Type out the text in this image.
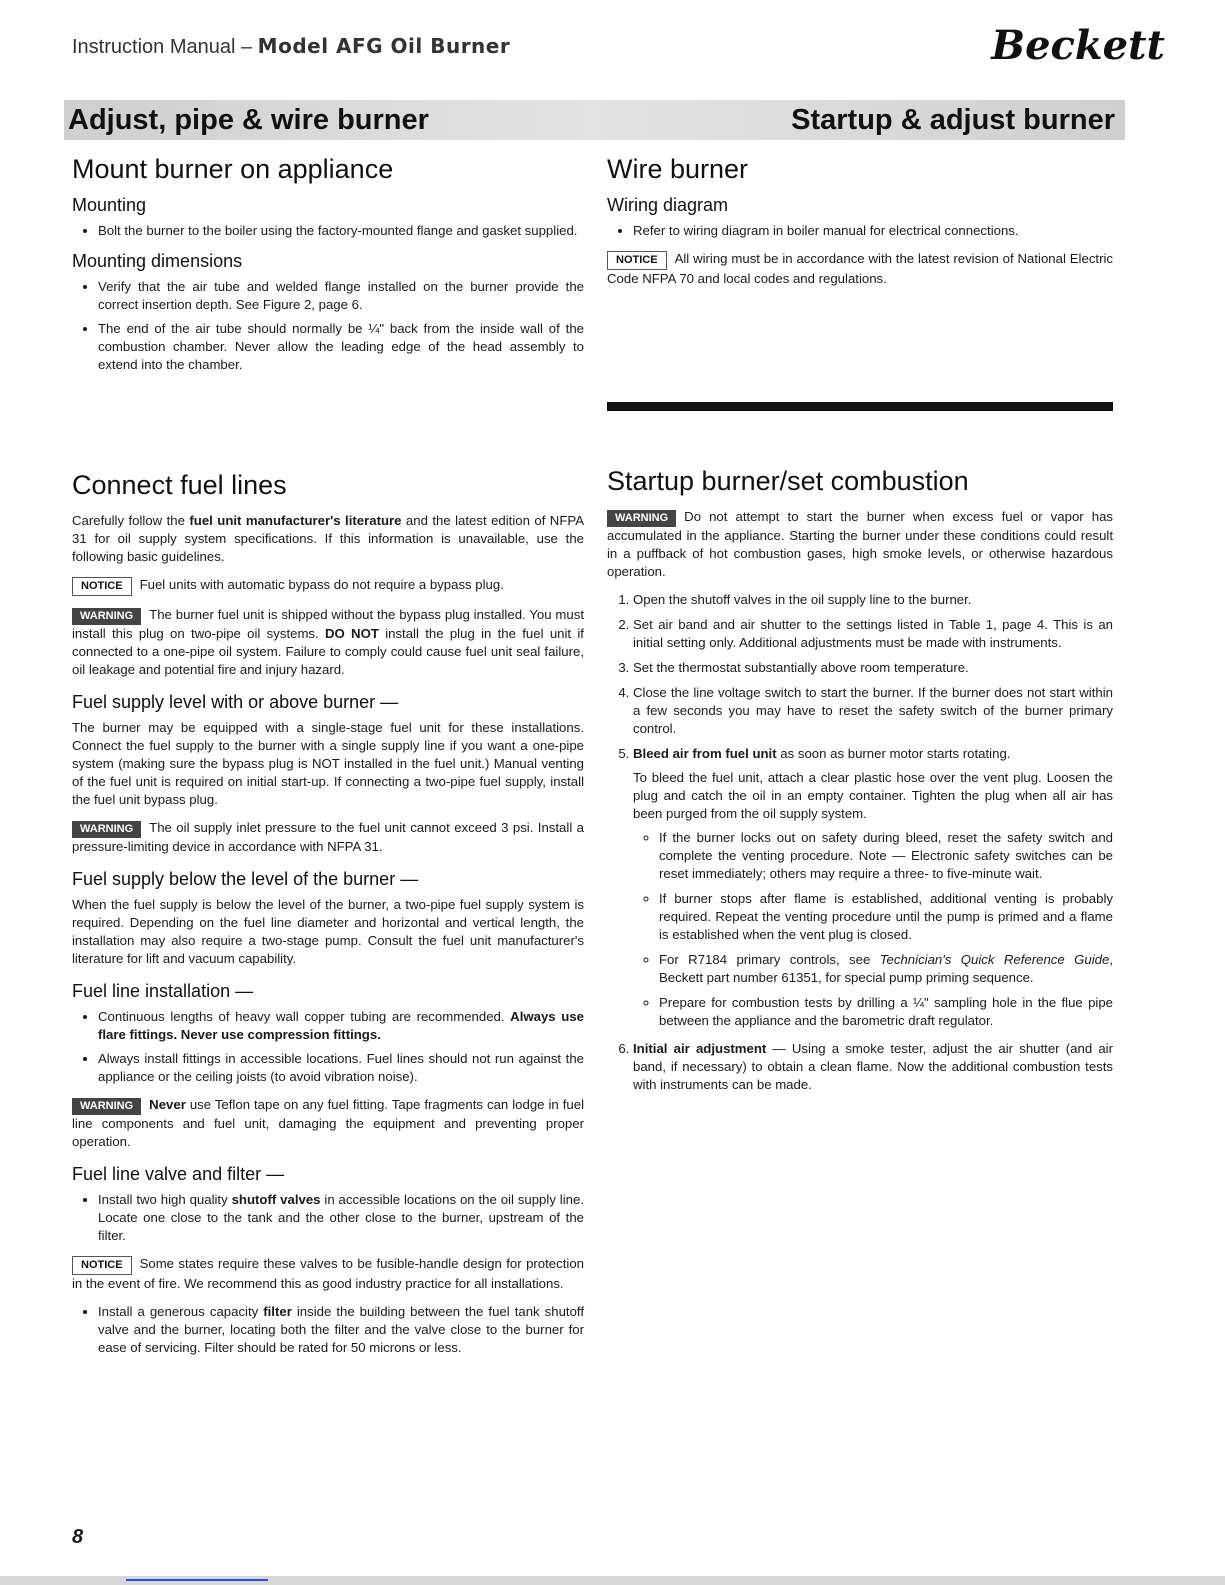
Instruction Manual – Model AFG Oil Burner	Beckett
Adjust, pipe & wire burner	Startup & adjust burner
Mount burner on appliance
Mounting
• Bolt the burner to the boiler using the factory-mounted flange and gasket supplied.
Mounting dimensions
• Verify that the air tube and welded flange installed on the burner provide the correct insertion depth. See Figure 2, page 6.
• The end of the air tube should normally be ¼" back from the inside wall of the combustion chamber. Never allow the leading edge of the head assembly to extend into the chamber.
Connect fuel lines

Carefully follow the fuel unit manufacturer's literature and the latest edition of NFPA 31 for oil supply system specifications. If this information is unavailable, use the following basic guidelines.

NOTICE Fuel units with automatic bypass do not require a bypass plug.

WARNING The burner fuel unit is shipped without the bypass plug installed. You must install this plug on two-pipe oil systems. DO NOT install the plug in the fuel unit if connected to a one-pipe oil system. Failure to comply could cause fuel unit seal failure, oil leakage and potential fire and injury hazard.

Fuel supply level with or above burner —

The burner may be equipped with a single-stage fuel unit for these installations. Connect the fuel supply to the burner with a single supply line if you want a one-pipe system (making sure the bypass plug is NOT installed in the fuel unit.) Manual venting of the fuel unit is required on initial start-up. If connecting a two-pipe fuel supply, install the fuel unit bypass plug.

WARNING The oil supply inlet pressure to the fuel unit cannot exceed 3 psi. Install a pressure-limiting device in accordance with NFPA 31.

Fuel supply below the level of the burner —

When the fuel supply is below the level of the burner, a two-pipe fuel supply system is required. Depending on the fuel line diameter and horizontal and vertical length, the installation may also require a two-stage pump. Consult the fuel unit manufacturer's literature for lift and vacuum capability.

Fuel line installation —
• Continuous lengths of heavy wall copper tubing are recommended. Always use flare fittings. Never use compression fittings.
• Always install fittings in accessible locations. Fuel lines should not run against the appliance or the ceiling joists (to avoid vibration noise).

WARNING Never use Teflon tape on any fuel fitting. Tape fragments can lodge in fuel line components and fuel unit, damaging the equipment and preventing proper operation.

Fuel line valve and filter —
• Install two high quality shutoff valves in accessible locations on the oil supply line. Locate one close to the tank and the other close to the burner, upstream of the filter.

NOTICE Some states require these valves to be fusible-handle design for protection in the event of fire. We recommend this as good industry practice for all installations.

• Install a generous capacity filter inside the building between the fuel tank shutoff valve and the burner, locating both the filter and the valve close to the burner for ease of servicing. Filter should be rated for 50 microns or less.
Wire burner
Wiring diagram
• Refer to wiring diagram in boiler manual for electrical connections.

NOTICE All wiring must be in accordance with the latest revision of National Electric Code NFPA 70 and local codes and regulations.

Startup burner/set combustion

WARNING Do not attempt to start the burner when excess fuel or vapor has accumulated in the appliance. Starting the burner under these conditions could result in a puffback of hot combustion gases, high smoke levels, or otherwise hazardous operation.

1. Open the shutoff valves in the oil supply line to the burner.
2. Set air band and air shutter to the settings listed in Table 1, page 4. This is an initial setting only. Additional adjustments must be made with instruments.
3. Set the thermostat substantially above room temperature.
4. Close the line voltage switch to start the burner. If the burner does not start within a few seconds you may have to reset the safety switch of the burner primary control.
5. Bleed air from fuel unit as soon as burner motor starts rotating.
To bleed the fuel unit, attach a clear plastic hose over the vent plug. Loosen the plug and catch the oil in an empty container. Tighten the plug when all air has been purged from the oil supply system.
◦ If the burner locks out on safety during bleed, reset the safety switch and complete the venting procedure. Note — Electronic safety switches can be reset immediately; others may require a three- to five-minute wait.
◦ If burner stops after flame is established, additional venting is probably required. Repeat the venting procedure until the pump is primed and a flame is established when the vent plug is closed.
◦ For R7184 primary controls, see Technician's Quick Reference Guide, Beckett part number 61351, for special pump priming sequence.
◦ Prepare for combustion tests by drilling a ¼" sampling hole in the flue pipe between the appliance and the barometric draft regulator.
6. Initial air adjustment — Using a smoke tester, adjust the air shutter (and air band, if necessary) to obtain a clean flame. Now the additional combustion tests with instruments can be made.
8
